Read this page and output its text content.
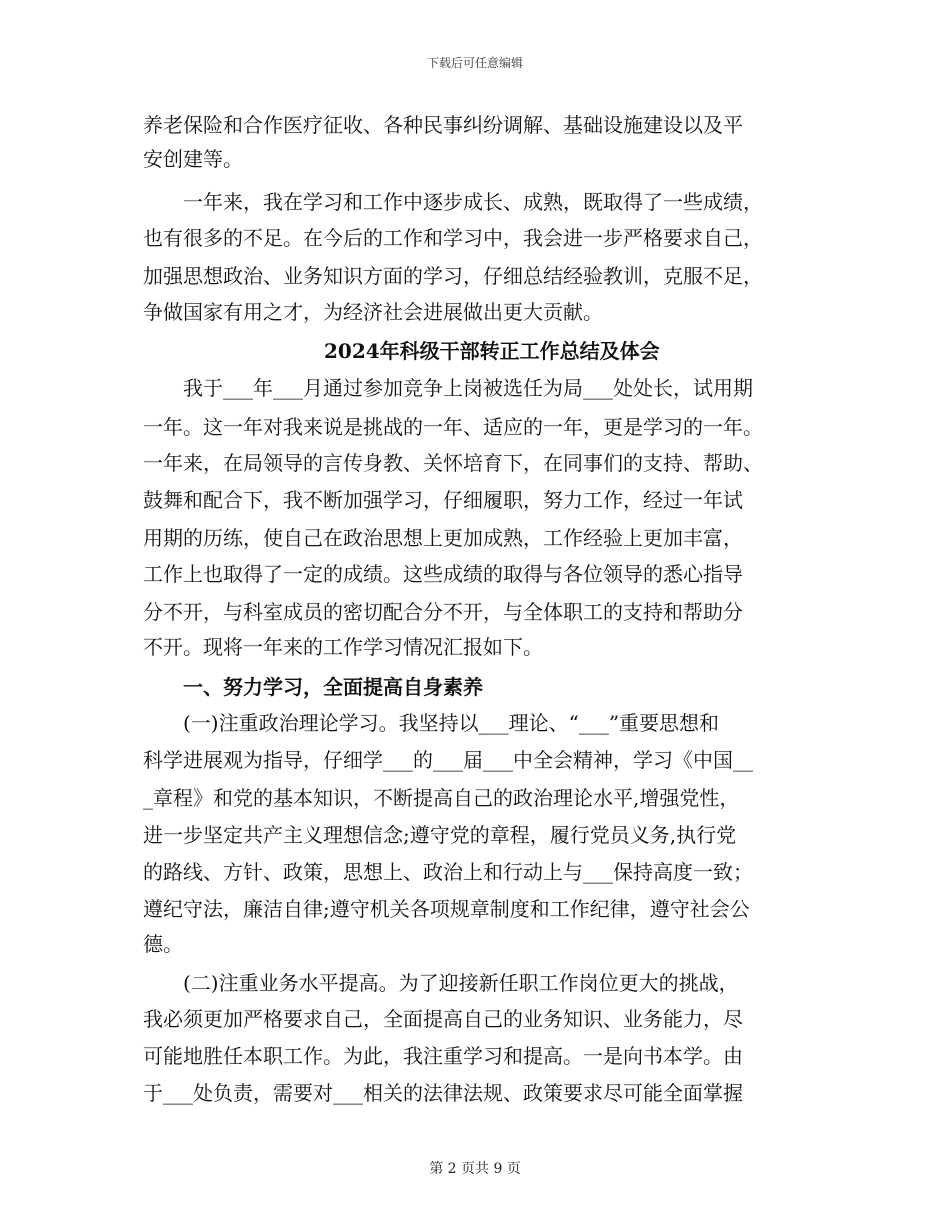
下载后可任意编辑
养老保险和合作医疗征收、各种民事纠纷调解、基础设施建设以及平
安创建等。
一年来，我在学习和工作中逐步成长、成熟，既取得了一些成绩，
也有很多的不足。在今后的工作和学习中，我会进一步严格要求自己，
加强思想政治、业务知识方面的学习，仔细总结经验教训，克服不足，
争做国家有用之才，为经济社会进展做出更大贡献。
2024年科级干部转正工作总结及体会
我于___年___月通过参加竞争上岗被选任为局___处处长，试用期
一年。这一年对我来说是挑战的一年、适应的一年，更是学习的一年。
一年来，在局领导的言传身教、关怀培育下，在同事们的支持、帮助、
鼓舞和配合下，我不断加强学习，仔细履职，努力工作，经过一年试
用期的历练，使自己在政治思想上更加成熟，工作经验上更加丰富，
工作上也取得了一定的成绩。这些成绩的取得与各位领导的悉心指导
分不开，与科室成员的密切配合分不开，与全体职工的支持和帮助分
不开。现将一年来的工作学习情况汇报如下。
一、努力学习，全面提高自身素养
(一)注重政治理论学习。我坚持以___理论、“___”重要思想和
科学进展观为指导，仔细学___的___届___中全会精神，学习《中国__
_章程》和党的基本知识，不断提高自己的政治理论水平,增强党性，
进一步坚定共产主义理想信念;遵守党的章程，履行党员义务,执行党
的路线、方针、政策，思想上、政治上和行动上与___保持高度一致；
遵纪守法，廉洁自律;遵守机关各项规章制度和工作纪律，遵守社会公
德。
(二)注重业务水平提高。为了迎接新任职工作岗位更大的挑战，
我必须更加严格要求自己，全面提高自己的业务知识、业务能力，尽
可能地胜任本职工作。为此，我注重学习和提高。一是向书本学。由
于___处负责，需要对___相关的法律法规、政策要求尽可能全面掌握
第 2 页共 9 页
